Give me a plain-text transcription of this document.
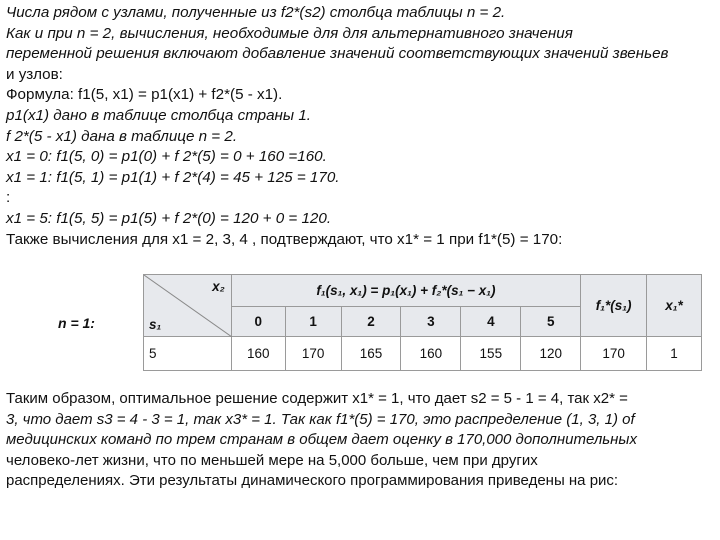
Числа рядом с узлами, полученные из f2*(s2) столбца таблицы n = 2.
Как и при n = 2, вычисления, необходимые для для альтернативного значения
переменной решения включают добавление значений соответствующих значений звеньев
и узлов:
Формула: f1(5, x1) = p1(x1) + f2*(5 - x1).
p1(x1) дано в таблице столбца страны 1.
f 2*(5 - x1) дана в таблице n = 2.
x1 = 0: f1(5, 0) = p1(0) + f 2*(5) = 0 + 160 =160.
x1 = 1: f1(5, 1) = p1(1) + f 2*(4) = 45 + 125 = 170.
:
x1 = 5: f1(5, 5) = p1(5) + f 2*(0) = 120 + 0 = 120.
Также вычисления для x1 = 2, 3, 4 , подтверждают, что x1* = 1 при f1*(5) = 170:
n = 1:
x₂
s₁	f₁(s₁, x₁) = p₁(x₁) + f₂*(s₁ − x₁)						f₁*(s₁)	x₁*
	0	1	2	3	4	5		
5	160	170	165	160	155	120	170	1
Таким образом, оптимальное решение содержит x1* = 1, что дает s2 = 5 - 1 = 4, так x2* =
3, что дает s3 = 4 - 3 = 1, так x3* = 1. Так как f1*(5) = 170, это распределение (1, 3, 1) of
медицинских команд по трем странам в общем дает оценку в 170,000 дополнительных
человеко-лет жизни, что по меньшей мере на 5,000 больше, чем при других
распределениях. Эти результаты динамического программирования приведены на рис:
